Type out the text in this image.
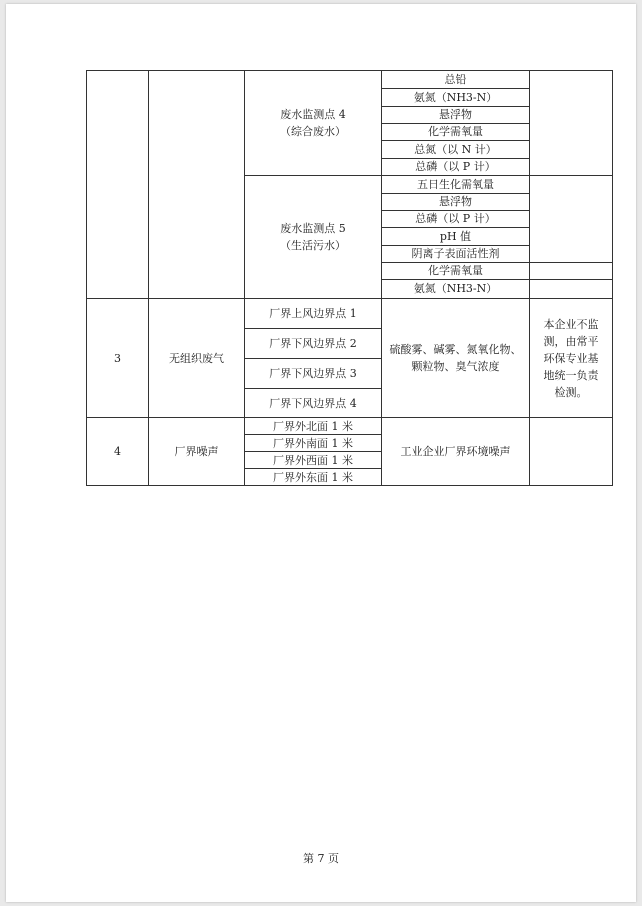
废水监测点 4
（综合废水）
总铅
氨氮（NH3-N）
悬浮物
化学需氧量
总氮（以 N 计）
总磷（以 P 计）
废水监测点 5
（生活污水）
五日生化需氧量
悬浮物
总磷（以 P 计）
pH 值
阴离子表面活性剂
化学需氧量
氨氮（NH3-N）
3	无组织废气
厂界上风边界点 1
厂界下风边界点 2
厂界下风边界点 3
厂界下风边界点 4
硫酸雾、碱雾、氮氧化物、
颗粒物、臭气浓度
本企业不监
测，由常平
环保专业基
地统一负责
检测。
4	厂界噪声
厂界外北面 1 米
厂界外南面 1 米
厂界外西面 1 米
厂界外东面 1 米
工业企业厂界环境噪声
第 7 页
